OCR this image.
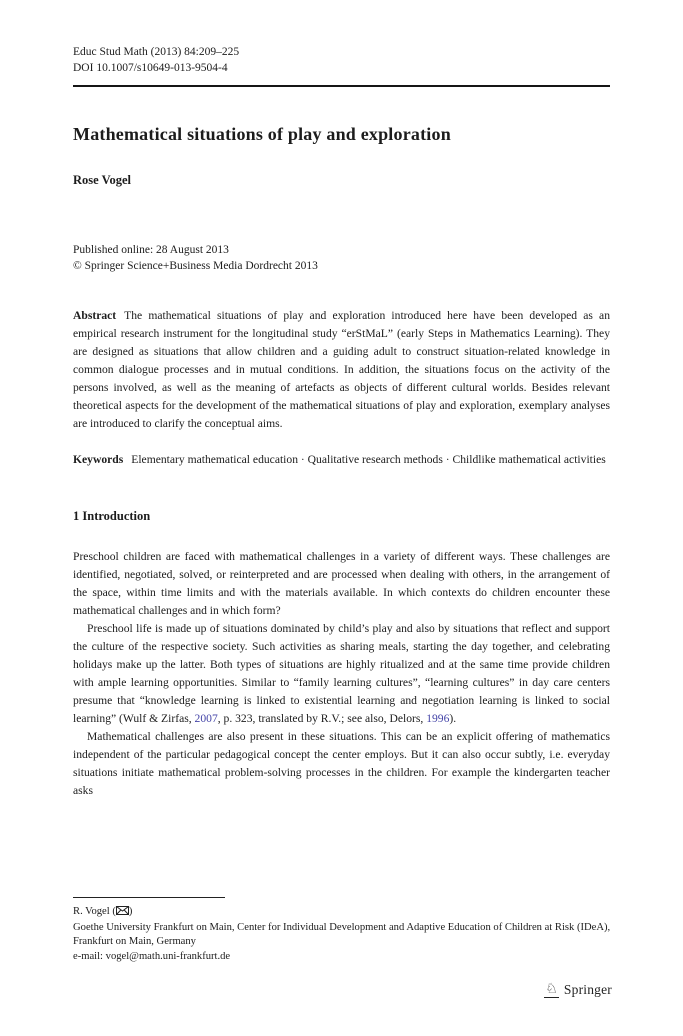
Educ Stud Math (2013) 84:209–225
DOI 10.1007/s10649-013-9504-4
Mathematical situations of play and exploration
Rose Vogel
Published online: 28 August 2013
© Springer Science+Business Media Dordrecht 2013

Abstract The mathematical situations of play and exploration introduced here have been developed as an empirical research instrument for the longitudinal study “erStMaL” (early Steps in Mathematics Learning). They are designed as situations that allow children and a guiding adult to construct situation-related knowledge in common dialogue processes and in mutual conditions. In addition, the situations focus on the activity of the persons involved, as well as the meaning of artefacts as objects of different cultural worlds. Besides relevant theoretical aspects for the development of the mathematical situations of play and exploration, exemplary analyses are introduced to clarify the conceptual aims.

Keywords Elementary mathematical education · Qualitative research methods · Childlike mathematical activities

1 Introduction

Preschool children are faced with mathematical challenges in a variety of different ways. These challenges are identified, negotiated, solved, or reinterpreted and are processed when dealing with others, in the arrangement of the space, within time limits and with the materials available. In which contexts do children encounter these mathematical challenges and in which form?

Preschool life is made up of situations dominated by child’s play and also by situations that reflect and support the culture of the respective society. Such activities as sharing meals, starting the day together, and celebrating holidays make up the latter. Both types of situations are highly ritualized and at the same time provide children with ample learning opportunities. Similar to “family learning cultures”, “learning cultures” in day care centers presume that “knowledge learning is linked to existential learning and negotiation learning is linked to social learning” (Wulf & Zirfas, 2007, p. 323, translated by R.V.; see also, Delors, 1996).

Mathematical challenges are also present in these situations. This can be an explicit offering of mathematics independent of the particular pedagogical concept the center employs. But it can also occur subtly, i.e. everyday situations initiate mathematical problem-solving processes in the children. For example the kindergarten teacher asks

R. Vogel ( )
Goethe University Frankfurt on Main, Center for Individual Development and Adaptive Education of Children at Risk (IDeA), Frankfurt on Main, Germany
e-mail: vogel@math.uni-frankfurt.de
♘ Springer
